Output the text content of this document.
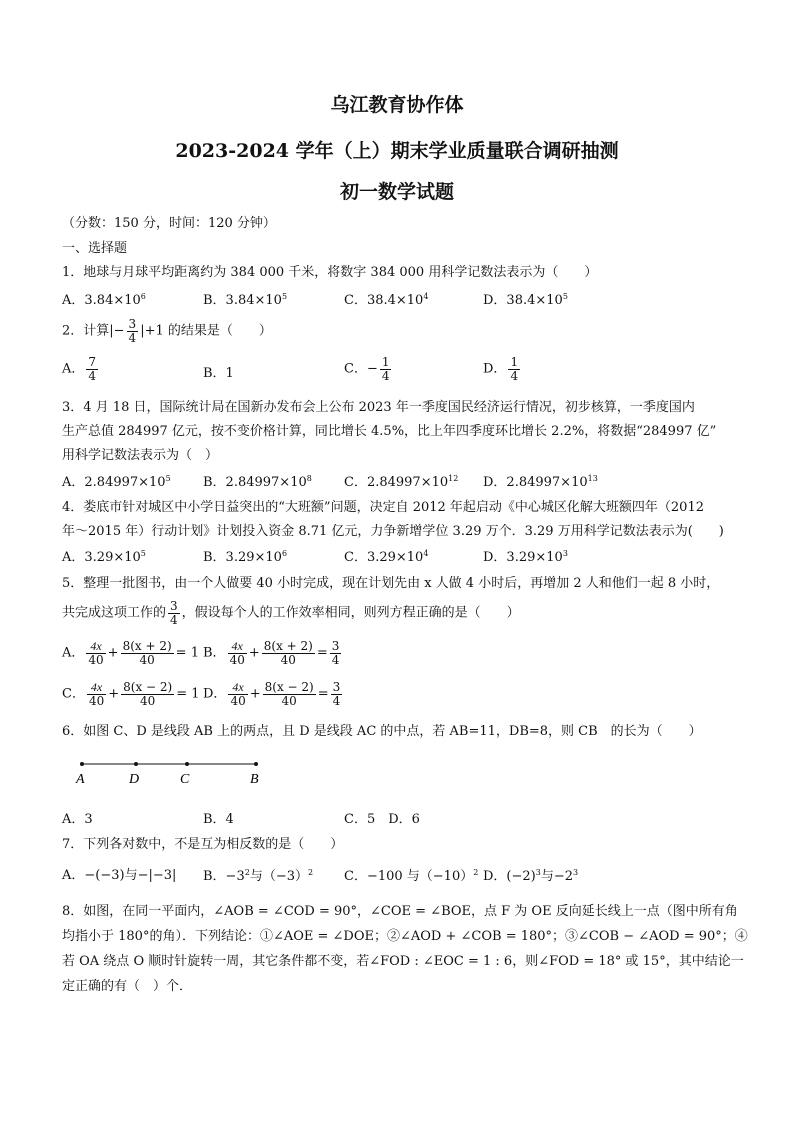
乌江教育协作体
2023-2024 学年（上）期末学业质量联合调研抽测
初一数学试题
（分数：150 分，时间：120 分钟）
一、选择题
1．地球与月球平均距离约为 384 000 千米，将数字 384 000 用科学记数法表示为（　　）
A．$3.84\times 10^6$	B．$3.84\times 10^5$	C．$38.4\times 10^4$	D．$38.4\times 10^5$
2．计算|− $\frac{3}{4} |+1$ 的结果是（　　）
A． $\frac{7}{4}$	B．1	C．− $\frac{1}{4}$	D． $\frac{1}{4}$
3．4 月 18 日，国际统计局在国新办发布会上公布 2023 年一季度国民经济运行情况，初步核算，一季度国内
生产总值 284997 亿元，按不变价格计算，同比增长 4.5%，比上年四季度环比增长 2.2%，将数据“284997 亿”
用科学记数法表示为（　）
A．$2.84997\times 10^5$ B．$2.84997\times 10^8$ C．$2.84997\times 10^{12}$ D．$2.84997\times 10^{13}$
4．娄底市针对城区中小学日益突出的“大班额”问题，决定自 2012 年起启动《中心城区化解大班额四年（2012
年～2015 年）行动计划》计划投入资金 8.71 亿元，力争新增学位 3.29 万个．3.29 万用科学记数法表示为(　　)
A．$3.29\times 10^5$	B．$3.29\times 10^6$	C．$3.29\times 10^4$	D．$3.29\times 10^3$
5．整理一批图书，由一个人做要 40 小时完成，现在计划先由 x 人做 4 小时后，再增加 2 人和他们一起 8 小时，
共完成这项工作的 $\frac{3}{4}$ ，假设每个人的工作效率相同，则列方程正确的是（　　）
A． $\frac{4x}{40} + \frac{8(x + 2)}{40} = 1$ B． $\frac{4x}{40} + \frac{8(x + 2)}{40} = \frac{3}{4}$
C． $\frac{4x}{40} + \frac{8(x - 2)}{40} = 1$ D． $\frac{4x}{40} + \frac{8(x - 2)}{40} = \frac{3}{4}$
6．如图 C、D 是线段 AB 上的两点，且 D 是线段 AC 的中点，若 AB=11，DB=8，则 CB　的长为（　　）
A	D	C	B
A．3	B．4	C．5　D．6
7．下列各对数中，不是互为相反数的是（　　）
A．−(−3)与−|−3| B．$-3^2$与$(-3)^2$ C．−100 与$(-10)^2$ D．$(-2)^3$与$-2^3$
8．如图，在同一平面内，∠AOB = ∠COD = 90°，∠COE = ∠BOE，点 F 为 OE 反向延长线上一点（图中所有角
均指小于 180°的角）．下列结论：①∠AOE = ∠DOE；②∠AOD + ∠COB = 180°；③∠COB − ∠AOD = 90°；④
若 OA 绕点 O 顺时针旋转一周，其它条件都不变，若∠FOD : ∠EOC = 1 : 6，则∠FOD = 18° 或 15°，其中结论一
定正确的有（　）个．
